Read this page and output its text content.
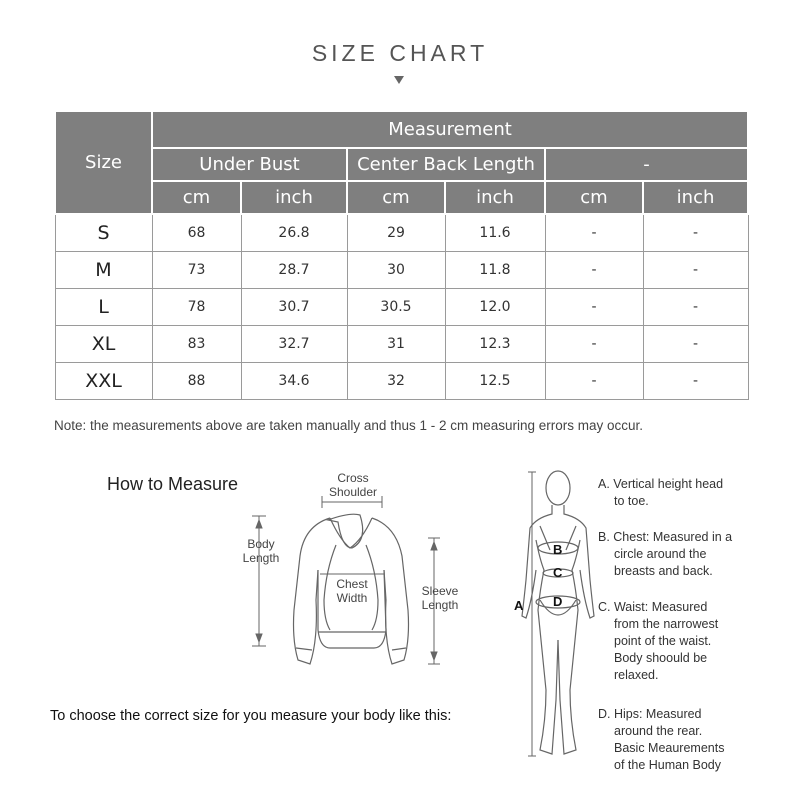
SIZE CHART
Size	Measurement					
	Under Bust		Center Back Length		-	
	cm	inch	cm	inch	cm	inch
S	68	26.8	29	11.6	-	-
M	73	28.7	30	11.8	-	-
L	78	30.7	30.5	12.0	-	-
XL	83	32.7	31	12.3	-	-
XXL	88	34.6	32	12.5	-	-
Note: the measurements above are taken manually and thus 1 - 2 cm measuring errors may occur.
How to Measure	Cross
Shoulder
Body
Length
Chest
Width	Sleeve
Length
To choose the correct size for you measure your body like this:
A
B
C
D
A. Vertical height head
to toe.
B. Chest: Measured in a
circle around the
breasts and back.
C. Waist: Measured
from the narrowest
point of the waist.
Body shoould be
relaxed.
D. Hips: Measured
around the rear.
Basic Meaurements
of the Human Body
